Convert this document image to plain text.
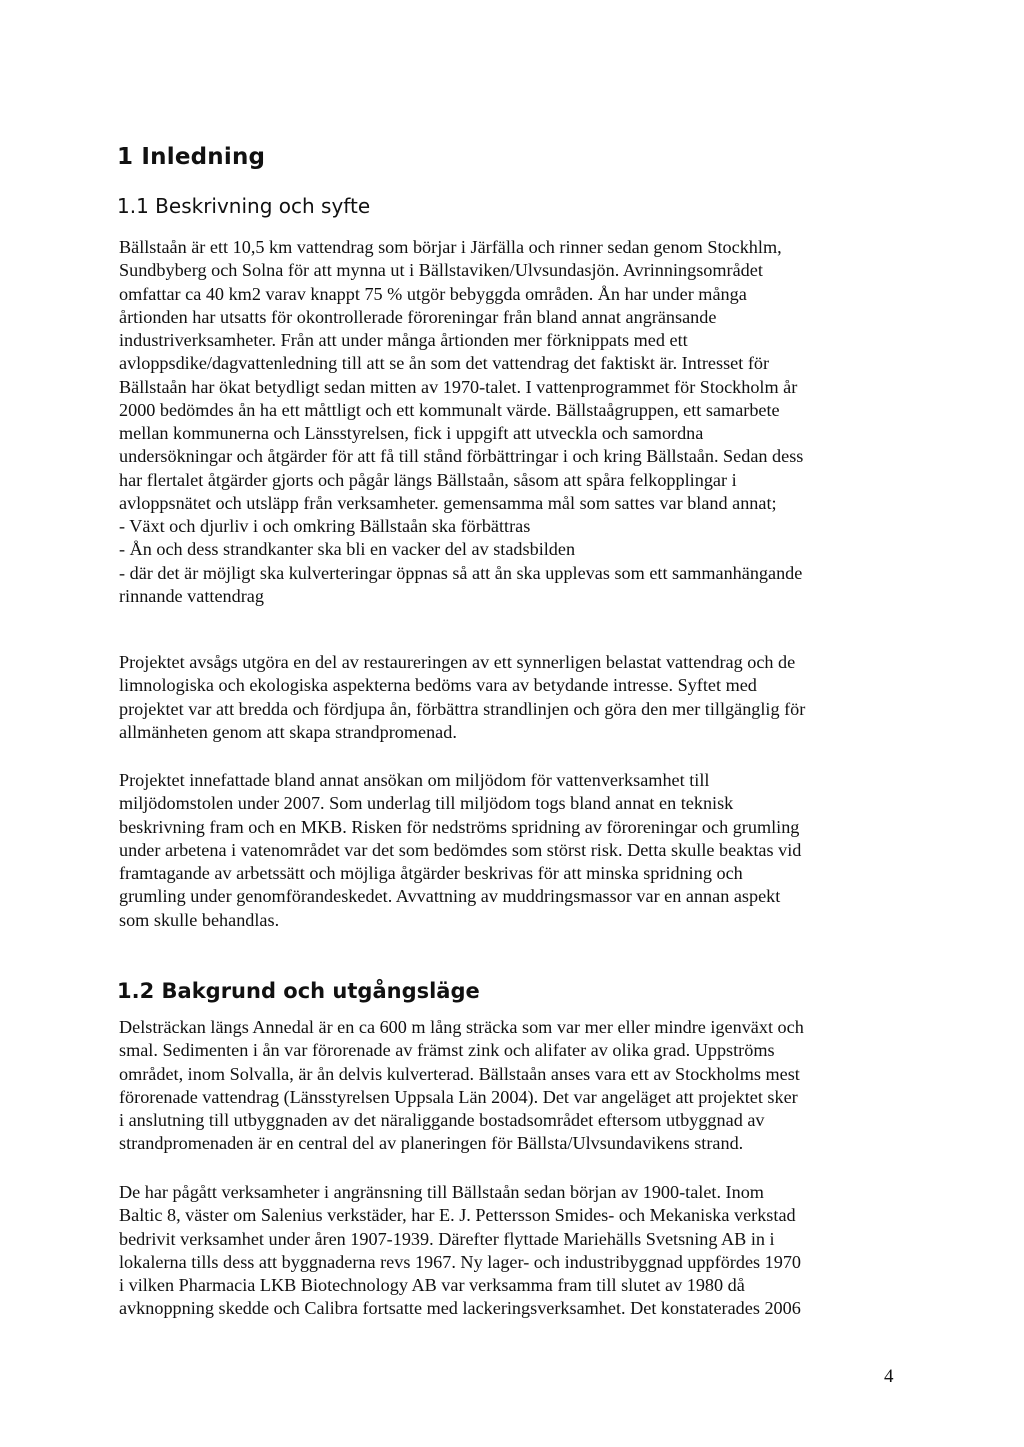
1 Inledning
1.1 Beskrivning och syfte
Bällstaån är ett 10,5 km vattendrag som börjar i Järfälla och rinner sedan genom Stockhlm,
Sundbyberg och Solna för att mynna ut i Bällstaviken/Ulvsundasjön. Avrinningsområdet
omfattar ca 40 km2 varav knappt 75 % utgör bebyggda områden. Ån har under många
årtionden har utsatts för okontrollerade föroreningar från bland annat angränsande
industriverksamheter. Från att under många årtionden mer förknippats med ett
avloppsdike/dagvattenledning till att se ån som det vattendrag det faktiskt är. Intresset för
Bällstaån har ökat betydligt sedan mitten av 1970-talet. I vattenprogrammet för Stockholm år
2000 bedömdes ån ha ett måttligt och ett kommunalt värde. Bällstaågruppen, ett samarbete
mellan kommunerna och Länsstyrelsen, fick i uppgift att utveckla och samordna
undersökningar och åtgärder för att få till stånd förbättringar i och kring Bällstaån. Sedan dess
har flertalet åtgärder gjorts och pågår längs Bällstaån, såsom att spåra felkopplingar i
avloppsnätet och utsläpp från verksamheter. gemensamma mål som sattes var bland annat;
- Växt och djurliv i och omkring Bällstaån ska förbättras
- Ån och dess strandkanter ska bli en vacker del av stadsbilden
- där det är möjligt ska kulverteringar öppnas så att ån ska upplevas som ett sammanhängande
rinnande vattendrag
Projektet avsågs utgöra en del av restaureringen av ett synnerligen belastat vattendrag och de
limnologiska och ekologiska aspekterna bedöms vara av betydande intresse. Syftet med
projektet var att bredda och fördjupa ån, förbättra strandlinjen och göra den mer tillgänglig för
allmänheten genom att skapa strandpromenad.
Projektet innefattade bland annat ansökan om miljödom för vattenverksamhet till
miljödomstolen under 2007. Som underlag till miljödom togs bland annat en teknisk
beskrivning fram och en MKB. Risken för nedströms spridning av föroreningar och grumling
under arbetena i vatenområdet var det som bedömdes som störst risk. Detta skulle beaktas vid
framtagande av arbetssätt och möjliga åtgärder beskrivas för att minska spridning och
grumling under genomförandeskedet. Avvattning av muddringsmassor var en annan aspekt
som skulle behandlas.
1.2 Bakgrund och utgångsläge
Delsträckan längs Annedal är en ca 600 m lång sträcka som var mer eller mindre igenväxt och
smal. Sedimenten i ån var förorenade av främst zink och alifater av olika grad. Uppströms
området, inom Solvalla, är ån delvis kulverterad. Bällstaån anses vara ett av Stockholms mest
förorenade vattendrag (Länsstyrelsen Uppsala Län 2004). Det var angeläget att projektet sker
i anslutning till utbyggnaden av det näraliggande bostadsområdet eftersom utbyggnad av
strandpromenaden är en central del av planeringen för Bällsta/Ulvsundavikens strand.
De har pågått verksamheter i angränsning till Bällstaån sedan början av 1900-talet. Inom
Baltic 8, väster om Salenius verkstäder, har E. J. Pettersson Smides- och Mekaniska verkstad
bedrivit verksamhet under åren 1907-1939. Därefter flyttade Mariehälls Svetsning AB in i
lokalerna tills dess att byggnaderna revs 1967. Ny lager- och industribyggnad uppfördes 1970
i vilken Pharmacia LKB Biotechnology AB var verksamma fram till slutet av 1980 då
avknoppning skedde och Calibra fortsatte med lackeringsverksamhet. Det konstaterades 2006
4
